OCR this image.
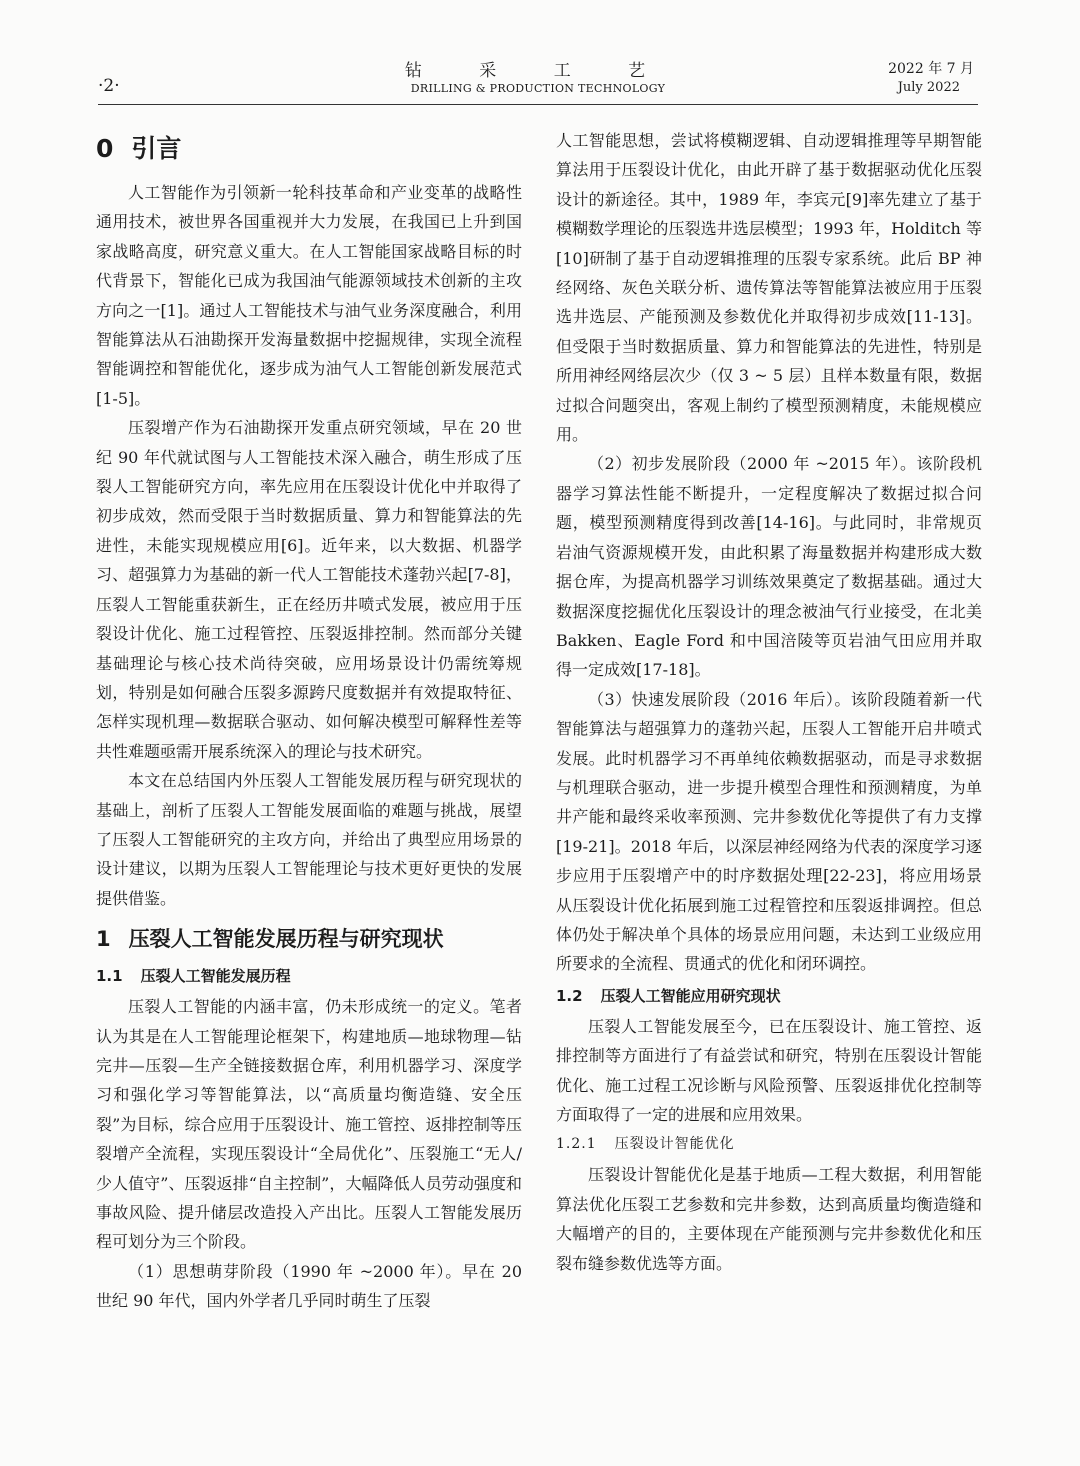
·2·
钻 采 工 艺
DRILLING & PRODUCTION TECHNOLOGY
2022 年 7 月
July 2022
0 引言

人工智能作为引领新一轮科技革命和产业变革的战略性通用技术，被世界各国重视并大力发展，在我国已上升到国家战略高度，研究意义重大。在人工智能国家战略目标的时代背景下，智能化已成为我国油气能源领域技术创新的主攻方向之一[1]。通过人工智能技术与油气业务深度融合，利用智能算法从石油勘探开发海量数据中挖掘规律，实现全流程智能调控和智能优化，逐步成为油气人工智能创新发展范式[1-5]。

压裂增产作为石油勘探开发重点研究领域，早在 20 世纪 90 年代就试图与人工智能技术深入融合，萌生形成了压裂人工智能研究方向，率先应用在压裂设计优化中并取得了初步成效，然而受限于当时数据质量、算力和智能算法的先进性，未能实现规模应用[6]。近年来，以大数据、机器学习、超强算力为基础的新一代人工智能技术蓬勃兴起[7-8]，压裂人工智能重获新生，正在经历井喷式发展，被应用于压裂设计优化、施工过程管控、压裂返排控制。然而部分关键基础理论与核心技术尚待突破，应用场景设计仍需统筹规划，特别是如何融合压裂多源跨尺度数据并有效提取特征、怎样实现机理—数据联合驱动、如何解决模型可解释性差等共性难题亟需开展系统深入的理论与技术研究。

本文在总结国内外压裂人工智能发展历程与研究现状的基础上，剖析了压裂人工智能发展面临的难题与挑战，展望了压裂人工智能研究的主攻方向，并给出了典型应用场景的设计建议，以期为压裂人工智能理论与技术更好更快的发展提供借鉴。

1 压裂人工智能发展历程与研究现状
1.1 压裂人工智能发展历程

压裂人工智能的内涵丰富，仍未形成统一的定义。笔者认为其是在人工智能理论框架下，构建地质—地球物理—钻完井—压裂—生产全链接数据仓库，利用机器学习、深度学习和强化学习等智能算法，以“高质量均衡造缝、安全压裂”为目标，综合应用于压裂设计、施工管控、返排控制等压裂增产全流程，实现压裂设计“全局优化”、压裂施工“无人/少人值守”、压裂返排“自主控制”，大幅降低人员劳动强度和事故风险、提升储层改造投入产出比。压裂人工智能发展历程可划分为三个阶段。

（1）思想萌芽阶段（1990 年 ~2000 年）。早在 20 世纪 90 年代，国内外学者几乎同时萌生了压裂

人工智能思想，尝试将模糊逻辑、自动逻辑推理等早期智能算法用于压裂设计优化，由此开辟了基于数据驱动优化压裂设计的新途径。其中，1989 年，李宾元[9]率先建立了基于模糊数学理论的压裂选井选层模型；1993 年，Holditch 等[10]研制了基于自动逻辑推理的压裂专家系统。此后 BP 神经网络、灰色关联分析、遗传算法等智能算法被应用于压裂选井选层、产能预测及参数优化并取得初步成效[11-13]。但受限于当时数据质量、算力和智能算法的先进性，特别是所用神经网络层次少（仅 3 ~ 5 层）且样本数量有限，数据过拟合问题突出，客观上制约了模型预测精度，未能规模应用。

（2）初步发展阶段（2000 年 ~2015 年）。该阶段机器学习算法性能不断提升，一定程度解决了数据过拟合问题，模型预测精度得到改善[14-16]。与此同时，非常规页岩油气资源规模开发，由此积累了海量数据并构建形成大数据仓库，为提高机器学习训练效果奠定了数据基础。通过大数据深度挖掘优化压裂设计的理念被油气行业接受，在北美 Bakken、Eagle Ford 和中国涪陵等页岩油气田应用并取得一定成效[17-18]。

（3）快速发展阶段（2016 年后）。该阶段随着新一代智能算法与超强算力的蓬勃兴起，压裂人工智能开启井喷式发展。此时机器学习不再单纯依赖数据驱动，而是寻求数据与机理联合驱动，进一步提升模型合理性和预测精度，为单井产能和最终采收率预测、完井参数优化等提供了有力支撑[19-21]。2018 年后，以深层神经网络为代表的深度学习逐步应用于压裂增产中的时序数据处理[22-23]，将应用场景从压裂设计优化拓展到施工过程管控和压裂返排调控。但总体仍处于解决单个具体的场景应用问题，未达到工业级应用所要求的全流程、贯通式的优化和闭环调控。

1.2 压裂人工智能应用研究现状

压裂人工智能发展至今，已在压裂设计、施工管控、返排控制等方面进行了有益尝试和研究，特别在压裂设计智能优化、施工过程工况诊断与风险预警、压裂返排优化控制等方面取得了一定的进展和应用效果。

1.2.1 压裂设计智能优化

压裂设计智能优化是基于地质—工程大数据，利用智能算法优化压裂工艺参数和完井参数，达到高质量均衡造缝和大幅增产的目的，主要体现在产能预测与完井参数优化和压裂布缝参数优选等方面。
